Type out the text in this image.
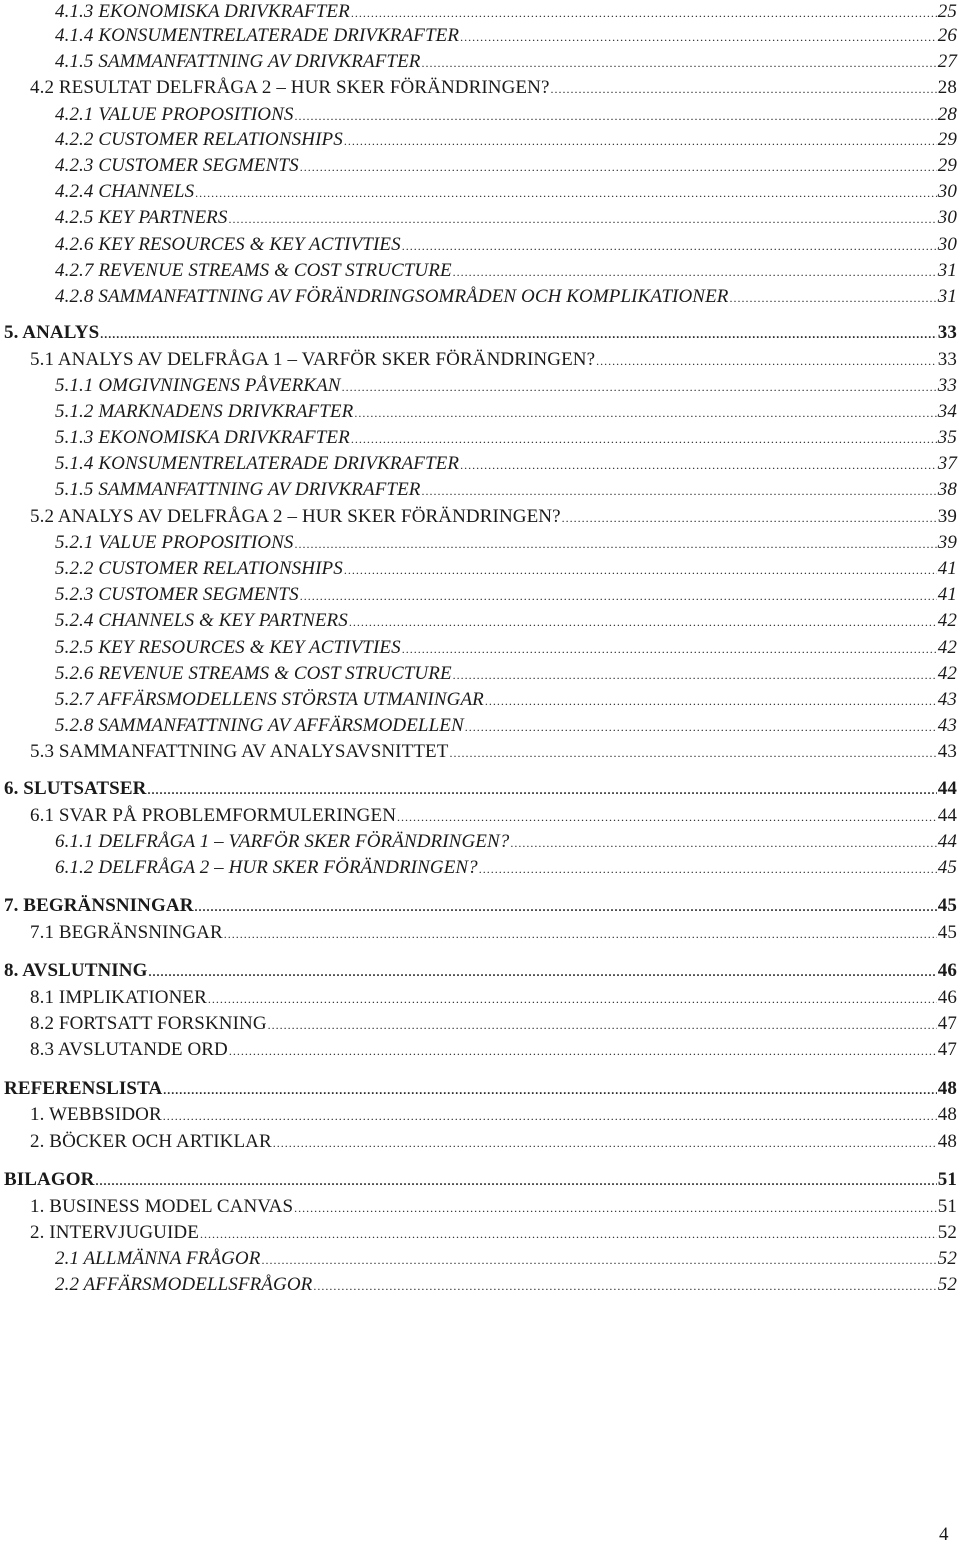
4.1.3 EKONOMISKA DRIVKRAFTER .....	25
4.1.4 KONSUMENTRELATERADE DRIVKRAFTER .....	26
4.1.5 SAMMANFATTNING AV DRIVKRAFTER .....	27
4.2 RESULTAT DELFRÅGA 2 – HUR SKER FÖRÄNDRINGEN? .....	28
4.2.1 VALUE PROPOSITIONS .....	28
4.2.2 CUSTOMER RELATIONSHIPS .....	29
4.2.3 CUSTOMER SEGMENTS .....	29
4.2.4 CHANNELS .....	30
4.2.5 KEY PARTNERS .....	30
4.2.6 KEY RESOURCES & KEY ACTIVTIES .....	30
4.2.7 REVENUE STREAMS & COST STRUCTURE .....	31
4.2.8 SAMMANFATTNING AV FÖRÄNDRINGSOMRÅDEN OCH KOMPLIKATIONER .....	31
5. ANALYS .....	33
5.1 ANALYS AV DELFRÅGA 1 – VARFÖR SKER FÖRÄNDRINGEN? .....	33
5.1.1 OMGIVNINGENS PÅVERKAN .....	33
5.1.2 MARKNADENS DRIVKRAFTER .....	34
5.1.3 EKONOMISKA DRIVKRAFTER .....	35
5.1.4 KONSUMENTRELATERADE DRIVKRAFTER .....	37
5.1.5 SAMMANFATTNING AV DRIVKRAFTER .....	38
5.2 ANALYS AV DELFRÅGA 2 – HUR SKER FÖRÄNDRINGEN? .....	39
5.2.1 VALUE PROPOSITIONS .....	39
5.2.2 CUSTOMER RELATIONSHIPS .....	41
5.2.3 CUSTOMER SEGMENTS .....	41
5.2.4 CHANNELS & KEY PARTNERS .....	42
5.2.5 KEY RESOURCES & KEY ACTIVTIES .....	42
5.2.6 REVENUE STREAMS & COST STRUCTURE .....	42
5.2.7 AFFÄRSMODELLENS STÖRSTA UTMANINGAR .....	43
5.2.8 SAMMANFATTNING AV AFFÄRSMODELLEN .....	43
5.3 SAMMANFATTNING AV ANALYSAVSNITTET .....	43
6. SLUTSATSER .....	44
6.1 SVAR PÅ PROBLEMFORMULERINGEN .....	44
6.1.1 DELFRÅGA 1 – VARFÖR SKER FÖRÄNDRINGEN? .....	44
6.1.2 DELFRÅGA 2 – HUR SKER FÖRÄNDRINGEN? .....	45
7. BEGRÄNSNINGAR .....	45
7.1 BEGRÄNSNINGAR .....	45
8. AVSLUTNING .....	46
8.1 IMPLIKATIONER .....	46
8.2 FORTSATT FORSKNING .....	47
8.3 AVSLUTANDE ORD .....	47
REFERENSLISTA .....	48
1. WEBBSIDOR .....	48
2. BÖCKER OCH ARTIKLAR .....	48
BILAGOR .....	51
1. BUSINESS MODEL CANVAS .....	51
2. INTERVJUGUIDE .....	52
2.1 ALLMÄNNA FRÅGOR .....	52
2.2 AFFÄRSMODELLSFRÅGOR .....	52
4
